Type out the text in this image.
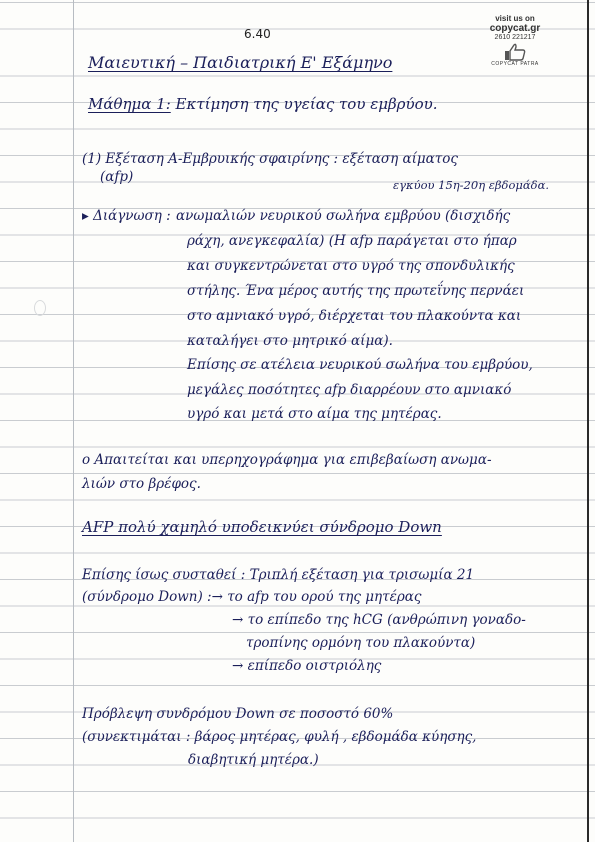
6.40
visit us on
copycat.gr
2610 221217
COPYCAT PATRA
Μαιευτική – Παιδιατρική Ε' Εξάμηνο
Μάθημα 1: Εκτίμηση της υγείας του εμβρύου.
(1) Εξέταση Α-Εμβρυικής σφαιρίνης : εξέταση αίματος
(αfp)	εγκύου 15η-20η εβδομάδα.
▸ Διάγνωση : ανωμαλιών νευρικού σωλήνα εμβρύου (δισχιδής
ράχη, ανεγκεφαλία) (Η αfp παράγεται στο ήπαρ
και συγκεντρώνεται στο υγρό της σπονδυλικής
στήλης. Ένα μέρος αυτής της πρωτεΐνης περνάει
στο αμνιακό υγρό, διέρχεται του πλακούντα και
καταλήγει στο μητρικό αίμα).
Επίσης σε ατέλεια νευρικού σωλήνα του εμβρύου,
μεγάλες ποσότητες afp διαρρέουν στο αμνιακό
υγρό και μετά στο αίμα της μητέρας.
ο Απαιτείται και υπερηχογράφημα για επιβεβαίωση ανωμα-
λιών στο βρέφος.
AFP πολύ χαμηλό υποδεικνύει σύνδρομο Down
Επίσης ίσως συσταθεί : Τριπλή εξέταση για τρισωμία 21
(σύνδρομο Down) :→ το afp του ορού της μητέρας
→ το επίπεδο της hCG (ανθρώπινη γοναδο-
τροπίνης ορμόνη του πλακούντα)
→ επίπεδο οιστριόλης
Πρόβλεψη συνδρόμου Down σε ποσοστό 60%
(συνεκτιμάται : βάρος μητέρας, φυλή , εβδομάδα κύησης,
διαβητική μητέρα.)
